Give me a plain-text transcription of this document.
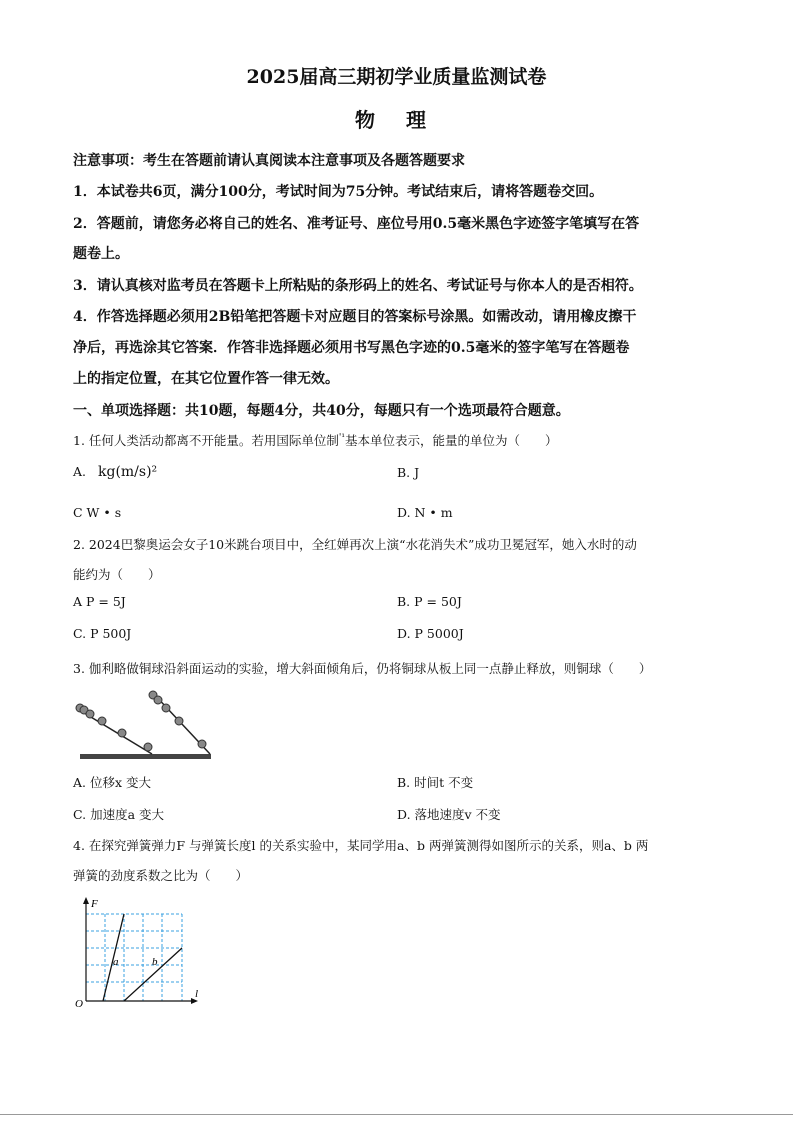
2025届高三期初学业质量监测试卷
物 理
注意事项：考生在答题前请认真阅读本注意事项及各题答题要求
1．本试卷共6页，满分100分，考试时间为75分钟。考试结束后，请将答题卷交回。
2．答题前，请您务必将自己的姓名、准考证号、座位号用0.5毫米黑色字迹签字笔填写在答
题卷上。
3．请认真核对监考员在答题卡上所粘贴的条形码上的姓名、考试证号与你本人的是否相符。
4．作答选择题必须用2B铅笔把答题卡对应题目的答案标号涂黑。如需改动，请用橡皮擦干
净后，再选涂其它答案．作答非选择题必须用书写黑色字迹的0.5毫米的签字笔写在答题卷
上的指定位置，在其它位置作答一律无效。
一、单项选择题：共10题，每题4分，共40分，每题只有一个选项最符合题意。
1. 任何人类活动都离不开能量。若用国际单位制$^{'^1}$基本单位表示，能量的单位为（　　）
A. kg(m/s)²	B. J
C W • s	D. N • m
2. 2024巴黎奥运会女子10米跳台项目中，全红婵再次上演“水花消失术”成功卫冕冠军，她入水时的动
能约为（　　）
A P = 5J	B. P = 50J
C. P 500J	D. P 5000J
3. 伽利略做铜球沿斜面运动的实验，增大斜面倾角后，仍将铜球从板上同一点静止释放，则铜球（　　）
A. 位移x 变大	B. 时间t 不变
C. 加速度a 变大	D. 落地速度v 不变
4. 在探究弹簧弹力F 与弹簧长度l 的关系实验中，某同学用a、b 两弹簧测得如图所示的关系，则a、b 两
弹簧的劲度系数之比为（　　）
F
l
O
a	b
